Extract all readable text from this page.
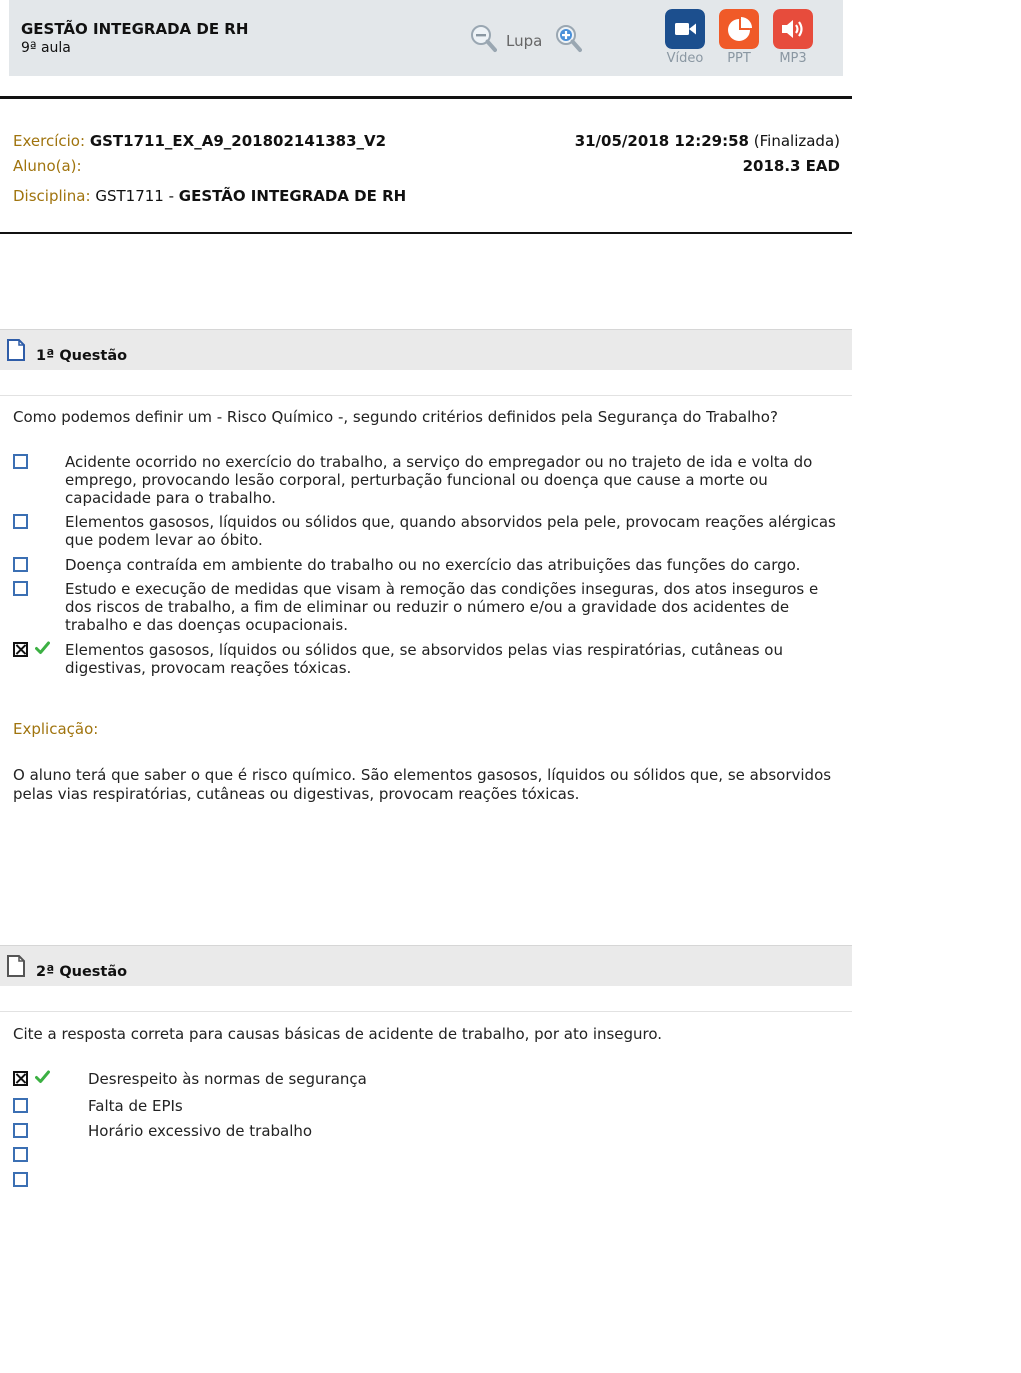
GESTÃO INTEGRADA DE RH
9ª aula	Lupa
Vídeo	PPT	MP3
Exercício: GST1711_EX_A9_201802141383_V2
Aluno(a):
Disciplina: GST1711 - GESTÃO INTEGRADA DE RH
31/05/2018 12:29:58 (Finalizada)
2018.3 EAD
1ª Questão
Como podemos definir um - Risco Químico -, segundo critérios definidos pela Segurança do Trabalho?
Acidente ocorrido no exercício do trabalho, a serviço do empregador ou no trajeto de ida e volta do emprego, provocando lesão corporal, perturbação funcional ou doença que cause a morte ou capacidade para o trabalho.
Elementos gasosos, líquidos ou sólidos que, quando absorvidos pela pele, provocam reações alérgicas que podem levar ao óbito.
Doença contraída em ambiente do trabalho ou no exercício das atribuições das funções do cargo.
Estudo e execução de medidas que visam à remoção das condições inseguras, dos atos inseguros e dos riscos de trabalho, a fim de eliminar ou reduzir o número e/ou a gravidade dos acidentes de trabalho e das doenças ocupacionais.
Elementos gasosos, líquidos ou sólidos que, se absorvidos pelas vias respiratórias, cutâneas ou digestivas, provocam reações tóxicas.
Explicação:
O aluno terá que saber o que é risco químico. São elementos gasosos, líquidos ou sólidos que, se absorvidos pelas vias respiratórias, cutâneas ou digestivas, provocam reações tóxicas.
2ª Questão
Cite a resposta correta para causas básicas de acidente de trabalho, por ato inseguro.
Desrespeito às normas de segurança
Falta de EPIs
Horário excessivo de trabalho
